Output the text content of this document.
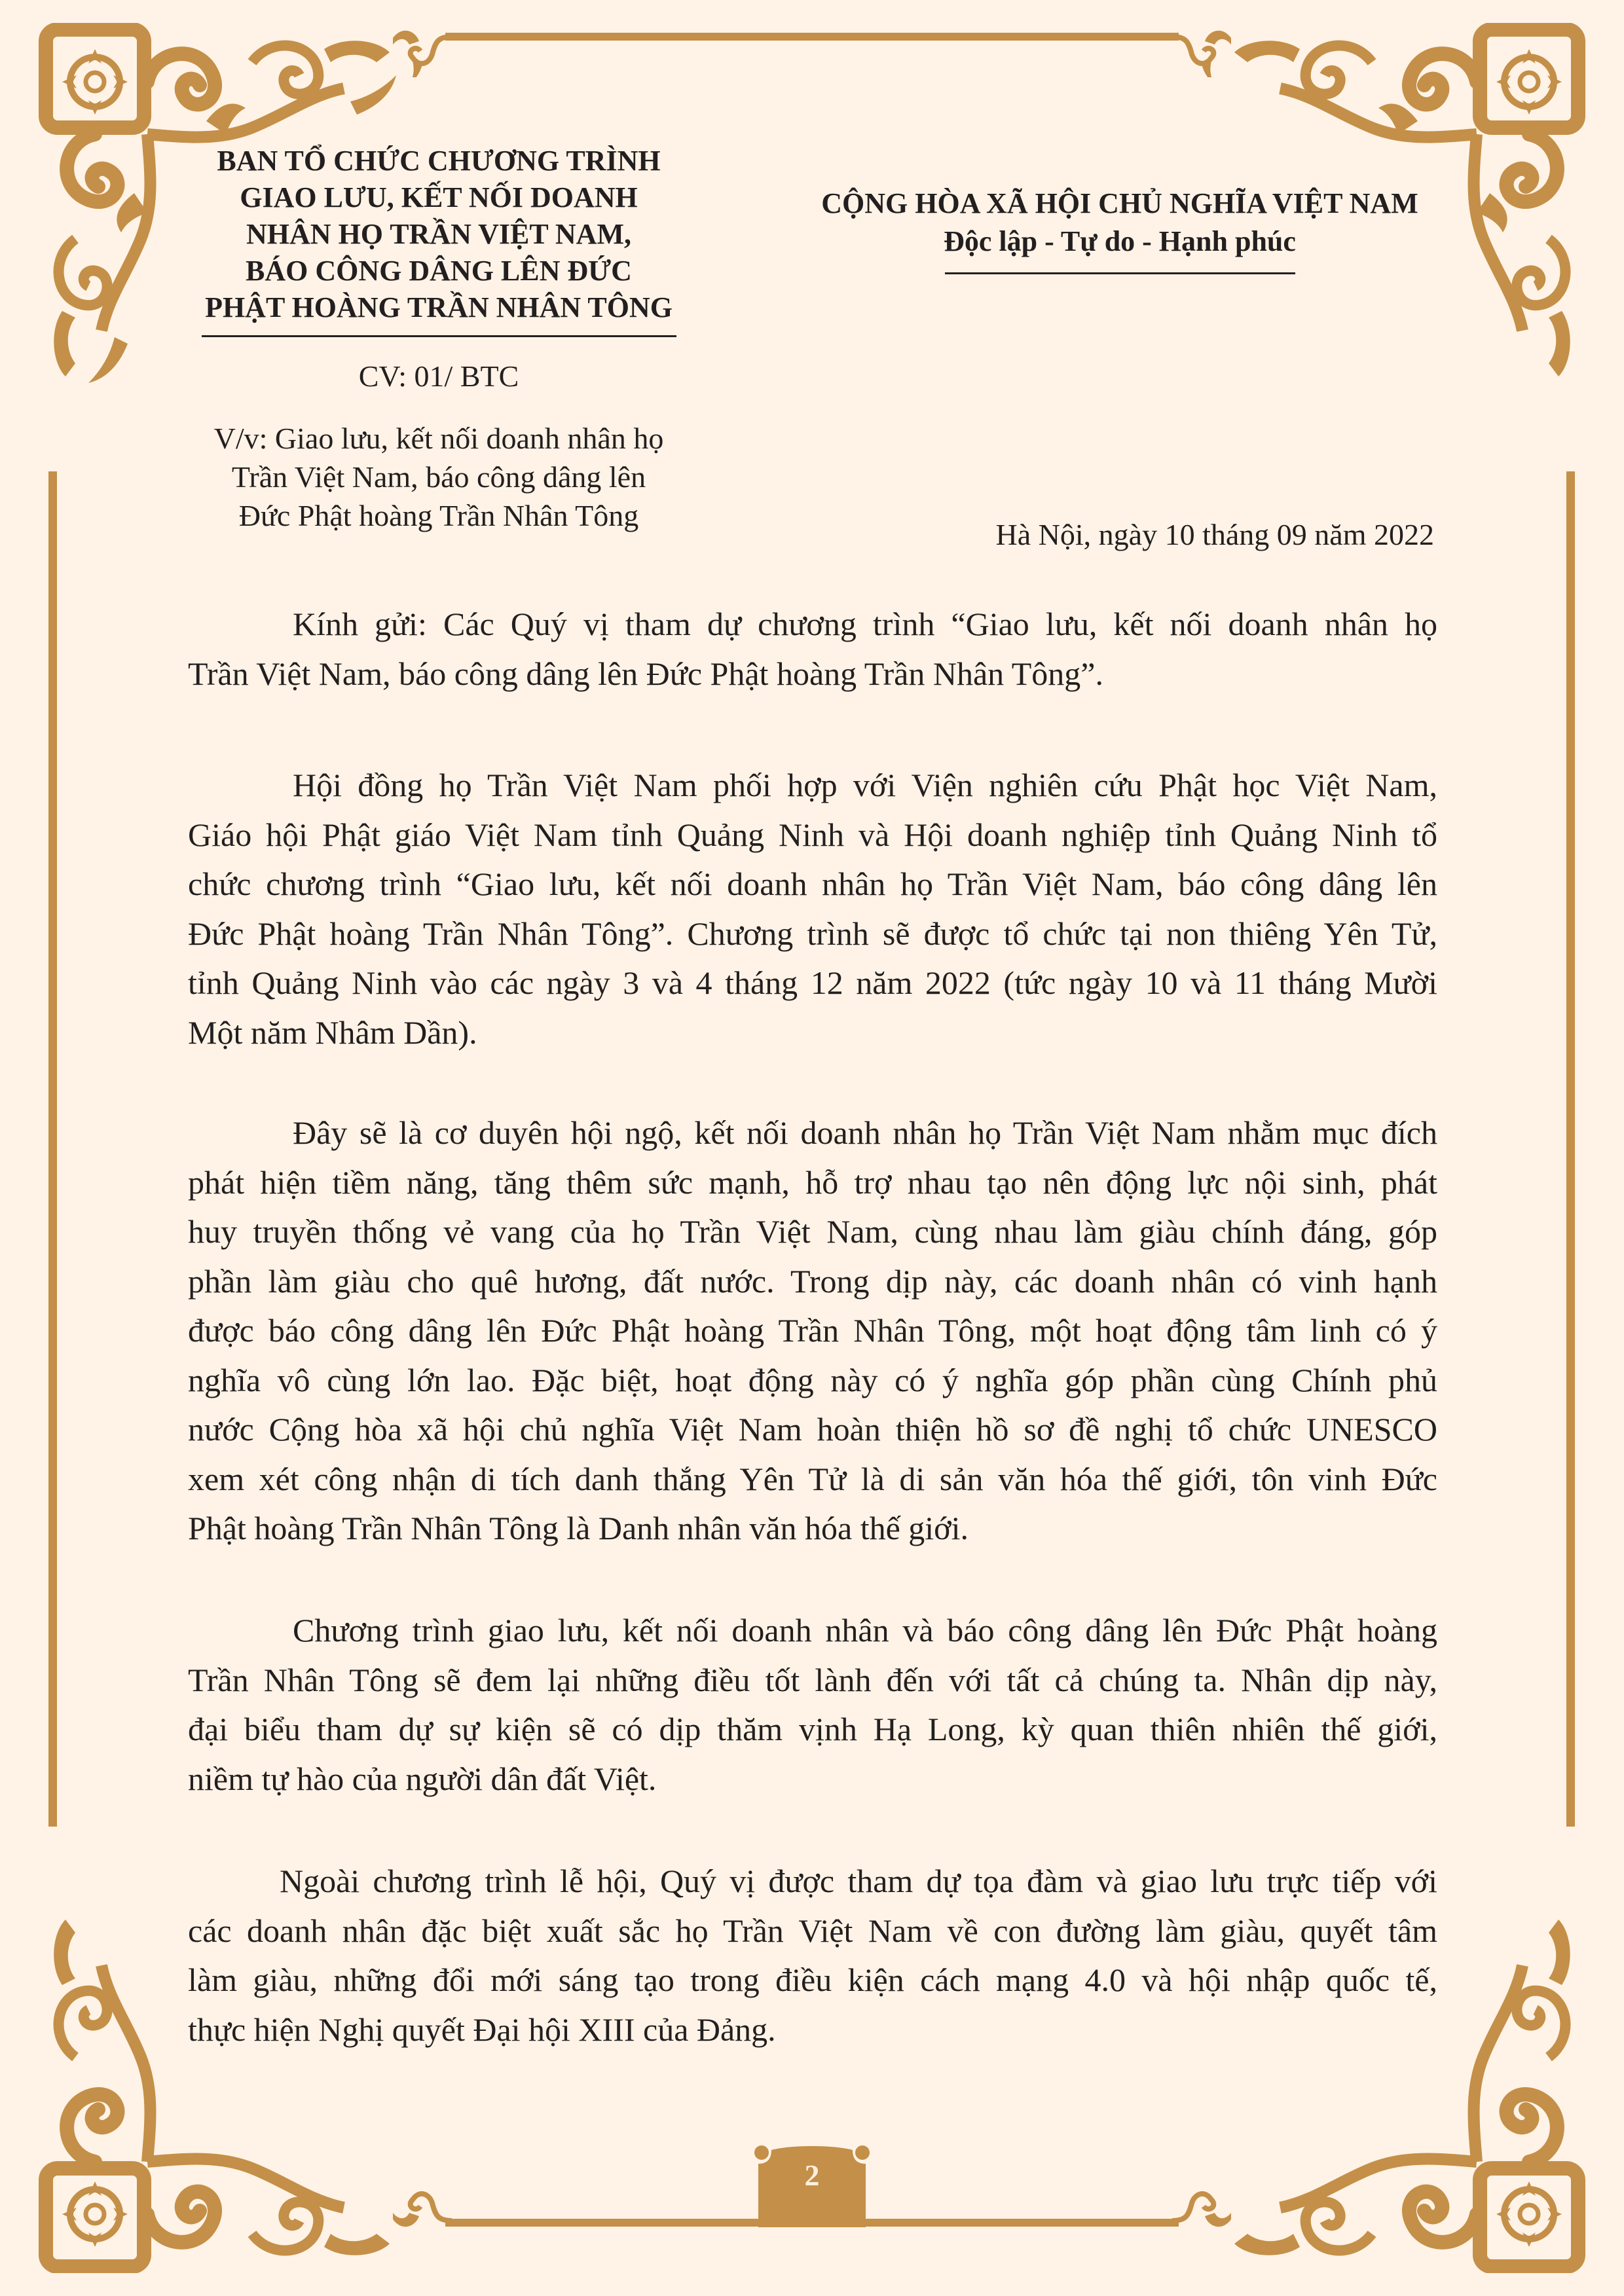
BAN TỔ CHỨC CHƯƠNG TRÌNH
GIAO LƯU, KẾT NỐI DOANH
NHÂN HỌ TRẦN VIỆT NAM,
BÁO CÔNG DÂNG LÊN ĐỨC
PHẬT HOÀNG TRẦN NHÂN TÔNG
CV: 01/ BTC
V/v: Giao lưu, kết nối doanh nhân họ
Trần Việt Nam, báo công dâng lên
Đức Phật hoàng Trần Nhân Tông
CỘNG HÒA XÃ HỘI CHỦ NGHĨA VIỆT NAM
Độc lập - Tự do - Hạnh phúc
Hà Nội, ngày 10 tháng 09 năm 2022
Kính gửi: Các Quý vị tham dự chương trình “Giao lưu, kết nối doanh nhân họ
Trần Việt Nam, báo công dâng lên Đức Phật hoàng Trần Nhân Tông”.
Hội đồng họ Trần Việt Nam phối hợp với Viện nghiên cứu Phật học Việt Nam,
Giáo hội Phật giáo Việt Nam tỉnh Quảng Ninh và Hội doanh nghiệp tỉnh Quảng Ninh tổ
chức chương trình “Giao lưu, kết nối doanh nhân họ Trần Việt Nam, báo công dâng lên
Đức Phật hoàng Trần Nhân Tông”. Chương trình sẽ được tổ chức tại non thiêng Yên Tử,
tỉnh Quảng Ninh vào các ngày 3 và 4 tháng 12 năm 2022 (tức ngày 10 và 11 tháng Mười
Một năm Nhâm Dần).
Đây sẽ là cơ duyên hội ngộ, kết nối doanh nhân họ Trần Việt Nam nhằm mục đích
phát hiện tiềm năng, tăng thêm sức mạnh, hỗ trợ nhau tạo nên động lực nội sinh, phát
huy truyền thống vẻ vang của họ Trần Việt Nam, cùng nhau làm giàu chính đáng, góp
phần làm giàu cho quê hương, đất nước. Trong dịp này, các doanh nhân có vinh hạnh
được báo công dâng lên Đức Phật hoàng Trần Nhân Tông, một hoạt động tâm linh có ý
nghĩa vô cùng lớn lao. Đặc biệt, hoạt động này có ý nghĩa góp phần cùng Chính phủ
nước Cộng hòa xã hội chủ nghĩa Việt Nam hoàn thiện hồ sơ đề nghị tổ chức UNESCO
xem xét công nhận di tích danh thắng Yên Tử là di sản văn hóa thế giới, tôn vinh Đức
Phật hoàng Trần Nhân Tông là Danh nhân văn hóa thế giới.
Chương trình giao lưu, kết nối doanh nhân và báo công dâng lên Đức Phật hoàng
Trần Nhân Tông sẽ đem lại những điều tốt lành đến với tất cả chúng ta. Nhân dịp này,
đại biểu tham dự sự kiện sẽ có dịp thăm vịnh Hạ Long, kỳ quan thiên nhiên thế giới,
niềm tự hào của người dân đất Việt.
Ngoài chương trình lễ hội, Quý vị được tham dự tọa đàm và giao lưu trực tiếp với
các doanh nhân đặc biệt xuất sắc họ Trần Việt Nam về con đường làm giàu, quyết tâm
làm giàu, những đổi mới sáng tạo trong điều kiện cách mạng 4.0 và hội nhập quốc tế,
thực hiện Nghị quyết Đại hội XIII của Đảng.
2
